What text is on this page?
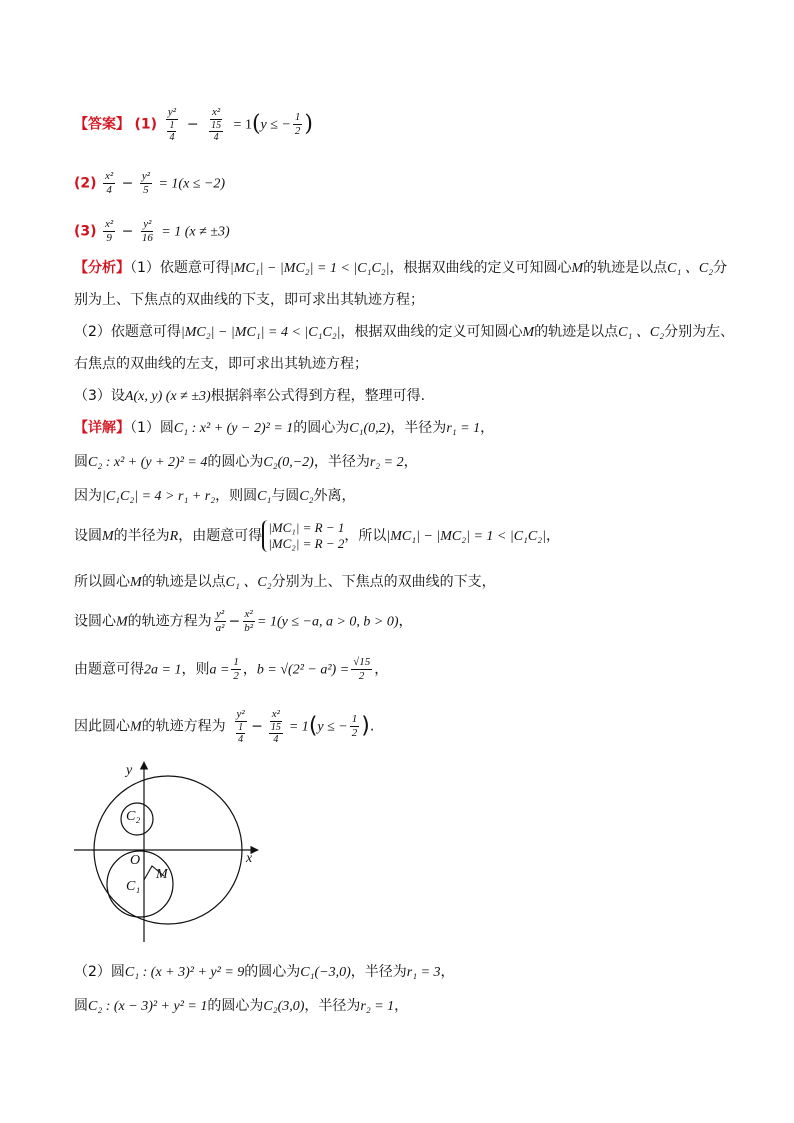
【答案】 $(1) \frac{\text{y²}}{\frac{1}{4}} - \frac{\text{x²}}{\frac{15}{4}} = 1(y$ ≤ − $\frac{1}{2}$ )
$(2) \frac{\text{x²}}{4} - \frac{\text{y²}}{5} = 1(x \le -2)$
$(3) \frac{\text{x²}}{9} - \frac{\text{y²}}{16} = 1$ (x ≠ ±3)
【分析】（1）依题意可得|MC₁| − |MC₂| = 1 < |C₁C₂|，根据双曲线的定义可知圆心M的轨迹是以点C₁ 、C₂分
别为上、下焦点的双曲线的下支，即可求出其轨迹方程；
（2）依题意可得|MC₂| − |MC₁| = 4 < |C₁C₂|，根据双曲线的定义可知圆心M的轨迹是以点C₁ 、C₂分别为左、
右焦点的双曲线的左支，即可求出其轨迹方程；
（3）设A(x, y) (x ≠ ±3)根据斜率公式得到方程，整理可得.
【详解】（1）圆C₁ : x² + (y − 2)² = 1的圆心为C₁(0,2)，半径为r₁ = 1，
圆C₂ : x² + (y + 2)² = 4的圆心为C₂(0,−2)，半径为r₂ = 2，
因为|C₁C₂| = 4 > r₁ + r₂，则圆C₁与圆C₂外离，
设圆M的半径为R，由题意可得
|MC₁| = R − 1
|MC₂| = R − 2 ，所以|MC₁| − |MC₂| = 1 < |C₁C₂|，
所以圆心M的轨迹是以点C₁ 、C₂分别为上、下焦点的双曲线的下支，
设圆心M的轨迹方程为 $\frac{\text{y²}}{\text{a²}} - \frac{\text{x²}}{\text{b²}} = 1(y \le -a$, a > 0, b > 0)，
由题意可得2a = 1，则$a = \frac{1}{2}$ ，$b = √(2^2 - a^2) = \frac{√15}{2}$ ，
因此圆心M的轨迹方程为 $\frac{\text{y²}}{\frac{1}{4}} - \frac{\text{x²}}{\frac{15}{4}} = 1(y$ ≤ − $\frac{1}{2}$ ).
y
x
O
C₂
C₁
M
（2）圆C₁ : (x + 3)² + y² = 9的圆心为C₁(−3,0)，半径为r₁ = 3，
圆C₂ : (x − 3)² + y² = 1的圆心为C₂(3,0)，半径为r₂ = 1，
